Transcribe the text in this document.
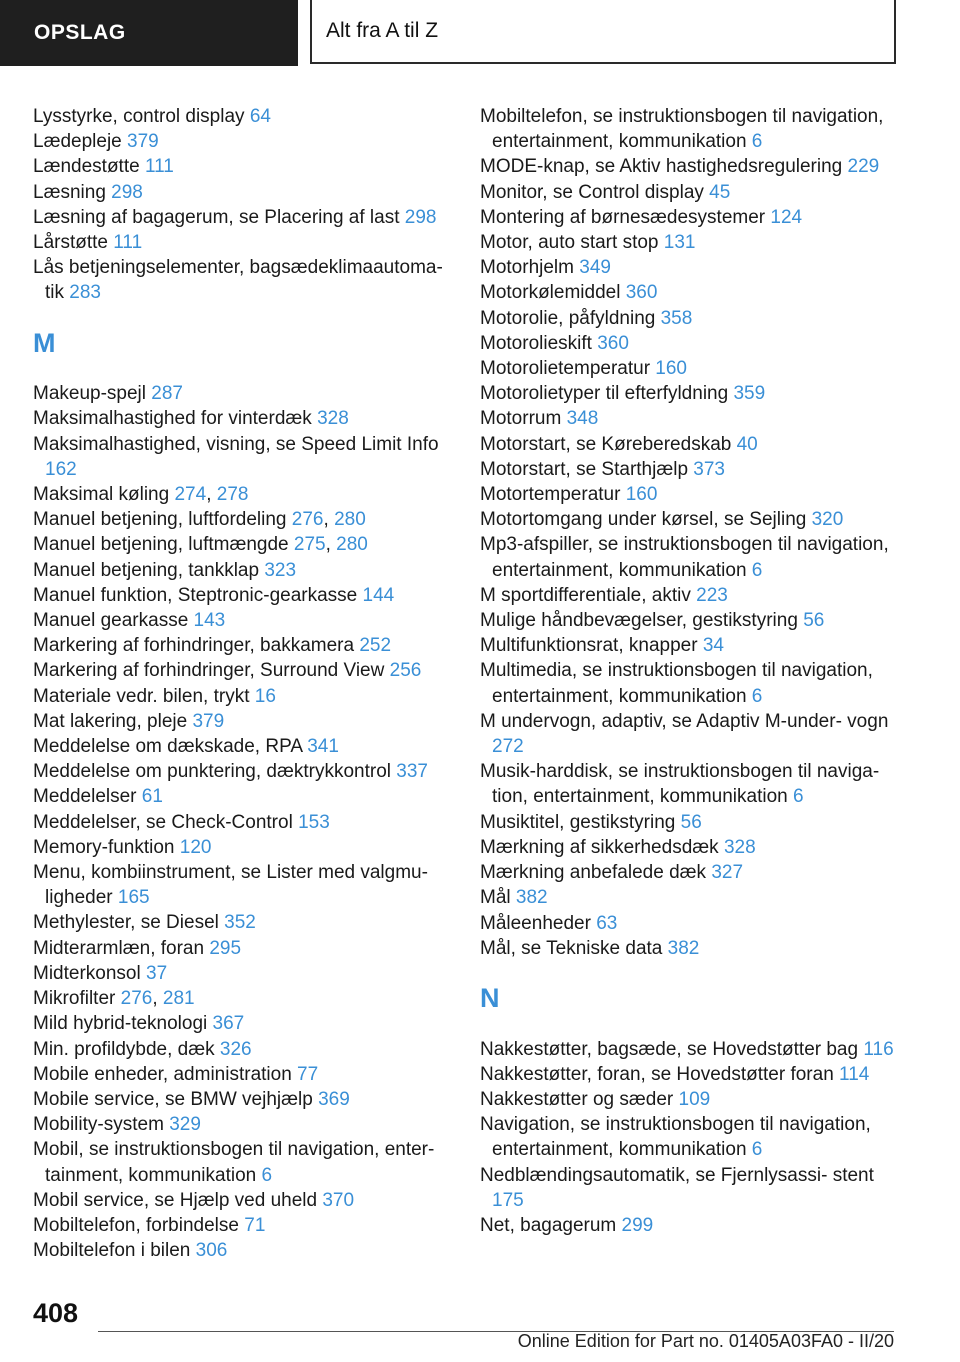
OPSLAG	Alt fra A til Z
Lysstyrke, control display 64
Lædepleje 379
Lændestøtte 111
Læsning 298
Læsning af bagagerum, se Placering af last 298
Lårstøtte 111
Lås betjeningselementer, bagsædeklimaautoma- tik 283
M
Makeup-spejl 287
Maksimalhastighed for vinterdæk 328
Maksimalhastighed, visning, se Speed Limit Info 162
Maksimal køling 274, 278
Manuel betjening, luftfordeling 276, 280
Manuel betjening, luftmængde 275, 280
Manuel betjening, tankklap 323
Manuel funktion, Steptronic-gearkasse 144
Manuel gearkasse 143
Markering af forhindringer, bakkamera 252
Markering af forhindringer, Surround View 256
Materiale vedr. bilen, trykt 16
Mat lakering, pleje 379
Meddelelse om dækskade, RPA 341
Meddelelse om punktering, dæktrykkontrol 337
Meddelelser 61
Meddelelser, se Check-Control 153
Memory-funktion 120
Menu, kombiinstrument, se Lister med valgmu- ligheder 165
Methylester, se Diesel 352
Midterarmlæn, foran 295
Midterkonsol 37
Mikrofilter 276, 281
Mild hybrid-teknologi 367
Min. profildybde, dæk 326
Mobile enheder, administration 77
Mobile service, se BMW vejhjælp 369
Mobility-system 329
Mobil, se instruktionsbogen til navigation, enter- tainment, kommunikation 6
Mobil service, se Hjælp ved uheld 370
Mobiltelefon, forbindelse 71
Mobiltelefon i bilen 306
Mobiltelefon, se instruktionsbogen til navigation, entertainment, kommunikation 6
MODE-knap, se Aktiv hastighedsregulering 229
Monitor, se Control display 45
Montering af børnesædesystemer 124
Motor, auto start stop 131
Motorhjelm 349
Motorkølemiddel 360
Motorolie, påfyldning 358
Motorolieskift 360
Motorolietemperatur 160
Motorolietyper til efterfyldning 359
Motorrum 348
Motorstart, se Køreberedskab 40
Motorstart, se Starthjælp 373
Motortemperatur 160
Motortomgang under kørsel, se Sejling 320
Mp3-afspiller, se instruktionsbogen til navigation, entertainment, kommunikation 6
M sportdifferentiale, aktiv 223
Mulige håndbevægelser, gestikstyring 56
Multifunktionsrat, knapper 34
Multimedia, se instruktionsbogen til navigation, entertainment, kommunikation 6
M undervogn, adaptiv, se Adaptiv M-under- vogn 272
Musik-harddisk, se instruktionsbogen til naviga- tion, entertainment, kommunikation 6
Musiktitel, gestikstyring 56
Mærkning af sikkerhedsdæk 328
Mærkning anbefalede dæk 327
Mål 382
Måleenheder 63
Mål, se Tekniske data 382
N
Nakkestøtter, bagsæde, se Hovedstøtter bag 116
Nakkestøtter, foran, se Hovedstøtter foran 114
Nakkestøtter og sæder 109
Navigation, se instruktionsbogen til navigation, entertainment, kommunikation 6
Nedblændingsautomatik, se Fjernlysassi- stent 175
Net, bagagerum 299
408
Online Edition for Part no. 01405A03FA0 - II/20
